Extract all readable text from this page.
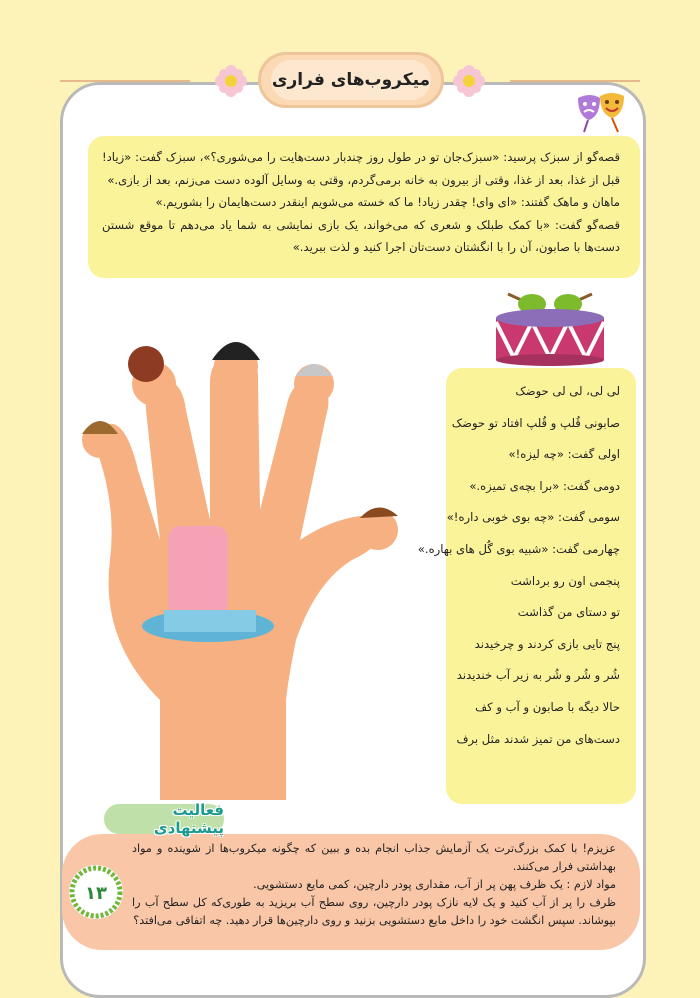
میکروب‌های فراری

قصه‌گو از سبزک پرسید: «سبزک‌جان تو در طول روز چندبار دست‌هایت را می‌شوری؟»، سبزک گفت: «زیاد! قبل از غذا، بعد از غذا، وقتی از بیرون به خانه برمی‌گردم، وقتی به وسایل آلوده دست می‌زنم، بعد از بازی.»

ماهان و ماهک گفتند: «ای وای! چقدر زیاد! ما که خسته می‌شویم اینقدر دست‌هایمان را بشوریم.»

قصه‌گو گفت: «با کمک طبلک و شعری که می‌خواند، یک بازی نمایشی به شما یاد می‌دهم تا موقع شستن دست‌ها با صابون، آن را با انگشتان دست‌تان اجرا کنید و لذت ببرید.»

لی لی، لی لی حوضک
صابونی قُلپ و قُلپ افتاد تو حوضک
اولی گفت: «چه لیزه!»
دومی گفت: «برا بچه‌ی تمیزه.»
سومی گفت: «چه بوی خوبی داره!»
چهارمی گفت: «شبیه بوی گُل های بهاره.»
پنجمی اون رو برداشت
تو دستای من گذاشت
پنج تایی بازی کردند و چرخیدند
شُر و شُر و شُر به زیر آب خندیدند
حالا دیگه با صابون و آب و کف
دست‌های من تمیز شدند مثل برف

عزیزم! با کمک بزرگ‌ترت یک آزمایش جذاب انجام بده و ببین که چگونه میکروب‌ها از شوینده و مواد بهداشتی فرار می‌کنند.

مواد لازم : یک ظرف پهن پر از آب، مقداری پودر دارچین، کمی مایع دستشویی.

ظرف را پر از آب کنید و یک لایه نازک پودر دارچین، روی سطح آب بریزید به طوری‌که کل سطح آب را بپوشاند. سپس انگشت خود را داخل مایع دستشویی بزنید و روی دارچین‌ها قرار دهید. چه اتفاقی می‌افتد؟

فعالیت پیشنهادی
۱۳
